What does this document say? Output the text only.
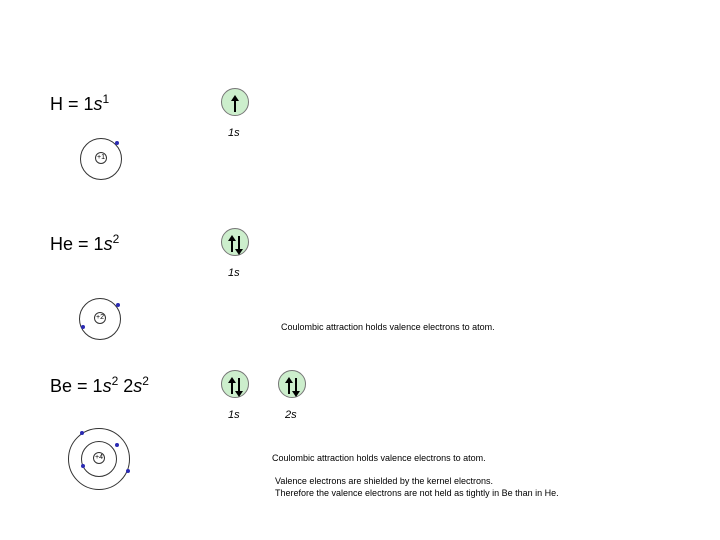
$H = 1s^1$
1s
+1
$He = 1s^2$
1s
+2
Coulombic attraction holds valence electrons to atom.
$Be = 1s^2$ $2s^2$
1s	2s
+4	Coulombic attraction holds valence electrons to atom.
Valence electrons are shielded by the kernel electrons.
Therefore the valence electrons are not held as tightly in Be than in He.
